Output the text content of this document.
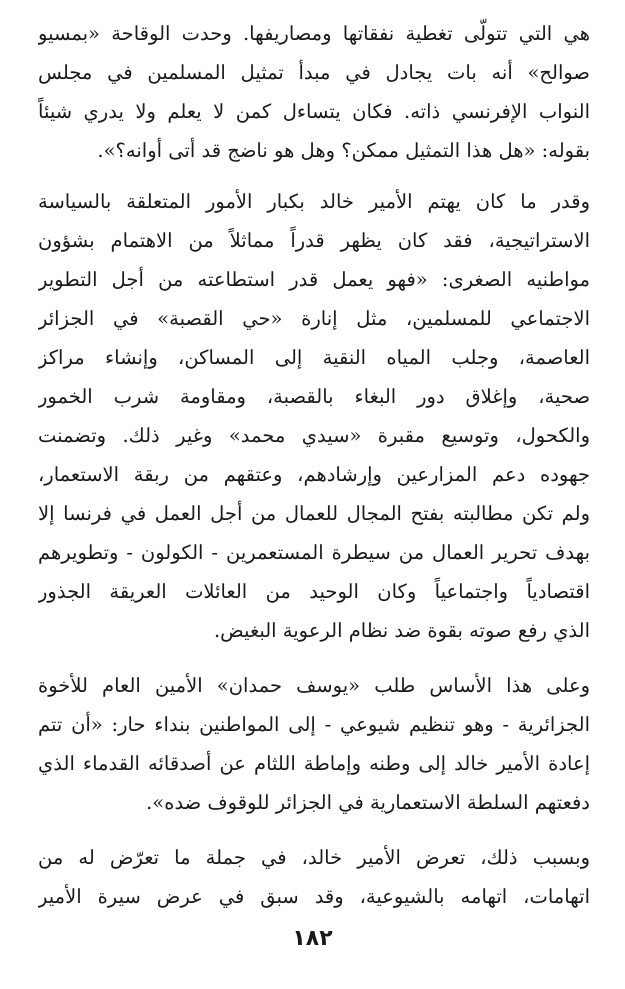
هي التي تتولّى تغطية نفقاتها ومصاريفها. وحدت الوقاحة «بمسيو
صوالح» أنه بات يجادل في مبدأ تمثيل المسلمين في مجلس
النواب الإفرنسي ذاته. فكان يتساءل كمن لا يعلم ولا يدري شيئاً
بقوله: «هل هذا التمثيل ممكن؟ وهل هو ناضج قد أتى أوانه؟».
وقدر ما كان يهتم الأمير خالد بكبار الأمور المتعلقة بالسياسة
الاستراتيجية، فقد كان يظهر قدراً مماثلاً من الاهتمام بشؤون
مواطنيه الصغرى: «فهو يعمل قدر استطاعته من أجل التطوير
الاجتماعي للمسلمين، مثل إنارة «حي القصبة» في الجزائر
العاصمة، وجلب المياه النقية إلى المساكن، وإنشاء مراكز
صحية، وإغلاق دور البغاء بالقصبة، ومقاومة شرب الخمور
والكحول، وتوسيع مقبرة «سيدي محمد» وغير ذلك. وتضمنت
جهوده دعم المزارعين وإرشادهم، وعتقهم من ربقة الاستعمار،
ولم تكن مطالبته بفتح المجال للعمال من أجل العمل في فرنسا إلا
بهدف تحرير العمال من سيطرة المستعمرين - الكولون - وتطويرهم
اقتصادياً واجتماعياً وكان الوحيد من العائلات العريقة الجذور
الذي رفع صوته بقوة ضد نظام الرعوية البغيض.
وعلى هذا الأساس طلب «يوسف حمدان» الأمين العام للأخوة
الجزائرية - وهو تنظيم شيوعي - إلى المواطنين بنداء حار: «أن تتم
إعادة الأمير خالد إلى وطنه وإماطة اللثام عن أصدقائه القدماء الذي
دفعتهم السلطة الاستعمارية في الجزائر للوقوف ضده».
وبسبب ذلك، تعرض الأمير خالد، في جملة ما تعرّض له من
اتهامات، اتهامه بالشيوعية، وقد سبق في عرض سيرة الأمير
١٨٢
